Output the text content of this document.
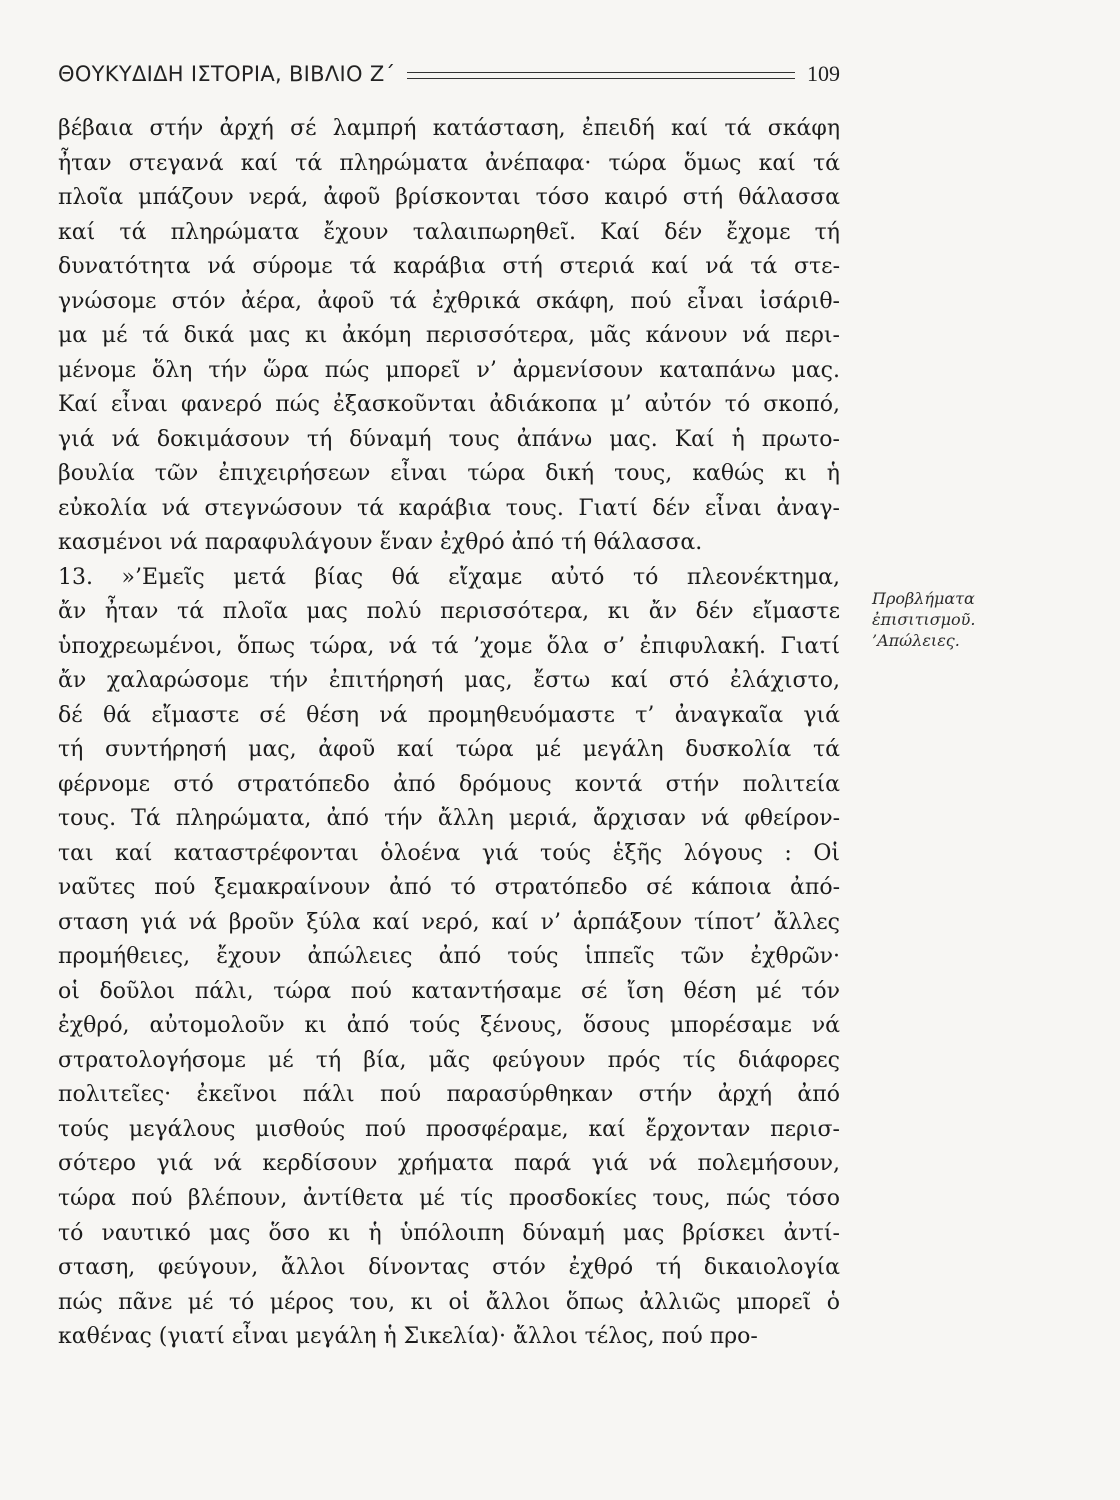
ΘΟΥΚΥΔΙΔΗ ΙΣΤΟΡΙΑ, ΒΙΒΛΙΟ Ζ΄	109
βέβαια στήν ἀρχή σέ λαμπρή κατάσταση, ἐπειδή καί τά σκάφη
ἦταν στεγανά καί τά πληρώματα ἀνέπαφα· τώρα ὅμως καί τά
πλοῖα μπάζουν νερά, ἀφοῦ βρίσκονται τόσο καιρό στή θάλασσα
καί τά πληρώματα ἔχουν ταλαιπωρηθεῖ. Καί δέν ἔχομε τή
δυνατότητα νά σύρομε τά καράβια στή στεριά καί νά τά στε-
γνώσομε στόν ἀέρα, ἀφοῦ τά ἐχθρικά σκάφη, πού εἶναι ἰσάριθ-
μα μέ τά δικά μας κι ἀκόμη περισσότερα, μᾶς κάνουν νά περι-
μένομε ὅλη τήν ὥρα πώς μπορεῖ ν’ ἀρμενίσουν καταπάνω μας.
Καί εἶναι φανερό πώς ἐξασκοῦνται ἀδιάκοπα μ’ αὐτόν τό σκοπό,
γιά νά δοκιμάσουν τή δύναμή τους ἀπάνω μας. Καί ἡ πρωτο-
βουλία τῶν ἐπιχειρήσεων εἶναι τώρα δική τους, καθώς κι ἡ
εὐκολία νά στεγνώσουν τά καράβια τους. Γιατί δέν εἶναι ἀναγ-
κασμένοι νά παραφυλάγουν ἕναν ἐχθρό ἀπό τή θάλασσα.
13. »’Εμεῖς μετά βίας θά εἴχαμε αὐτό τό πλεονέκτημα,
ἄν ἦταν τά πλοῖα μας πολύ περισσότερα, κι ἄν δέν εἴμαστε
ὑποχρεωμένοι, ὅπως τώρα, νά τά ’χομε ὅλα σ’ ἐπιφυλακή. Γιατί
ἄν χαλαρώσομε τήν ἐπιτήρησή μας, ἔστω καί στό ἐλάχιστο,
δέ θά εἴμαστε σέ θέση νά προμηθευόμαστε τ’ ἀναγκαῖα γιά
τή συντήρησή μας, ἀφοῦ καί τώρα μέ μεγάλη δυσκολία τά
φέρνομε στό στρατόπεδο ἀπό δρόμους κοντά στήν πολιτεία
τους. Τά πληρώματα, ἀπό τήν ἄλλη μεριά, ἄρχισαν νά φθείρον-
ται καί καταστρέφονται ὁλοένα γιά τούς ἑξῆς λόγους : Οἱ
ναῦτες πού ξεμακραίνουν ἀπό τό στρατόπεδο σέ κάποια ἀπό-
σταση γιά νά βροῦν ξύλα καί νερό, καί ν’ ἁρπάξουν τίποτ’ ἄλλες
προμήθειες, ἔχουν ἀπώλειες ἀπό τούς ἱππεῖς τῶν ἐχθρῶν·
οἱ δοῦλοι πάλι, τώρα πού καταντήσαμε σέ ἴση θέση μέ τόν
ἐχθρό, αὐτομολοῦν κι ἀπό τούς ξένους, ὅσους μπορέσαμε νά
στρατολογήσομε μέ τή βία, μᾶς φεύγουν πρός τίς διάφορες
πολιτεῖες· ἐκεῖνοι πάλι πού παρασύρθηκαν στήν ἀρχή ἀπό
τούς μεγάλους μισθούς πού προσφέραμε, καί ἔρχονταν περισ-
σότερο γιά νά κερδίσουν χρήματα παρά γιά νά πολεμήσουν,
τώρα πού βλέπουν, ἀντίθετα μέ τίς προσδοκίες τους, πώς τόσο
τό ναυτικό μας ὅσο κι ἡ ὑπόλοιπη δύναμή μας βρίσκει ἀντί-
σταση, φεύγουν, ἄλλοι δίνοντας στόν ἐχθρό τή δικαιολογία
πώς πᾶνε μέ τό μέρος του, κι οἱ ἄλλοι ὅπως ἀλλιῶς μπορεῖ ὁ
καθένας (γιατί εἶναι μεγάλη ἡ Σικελία)· ἄλλοι τέλος, πού προ-
Προβλήματα
ἐπισιτισμοῦ.
’Απώλειες.
